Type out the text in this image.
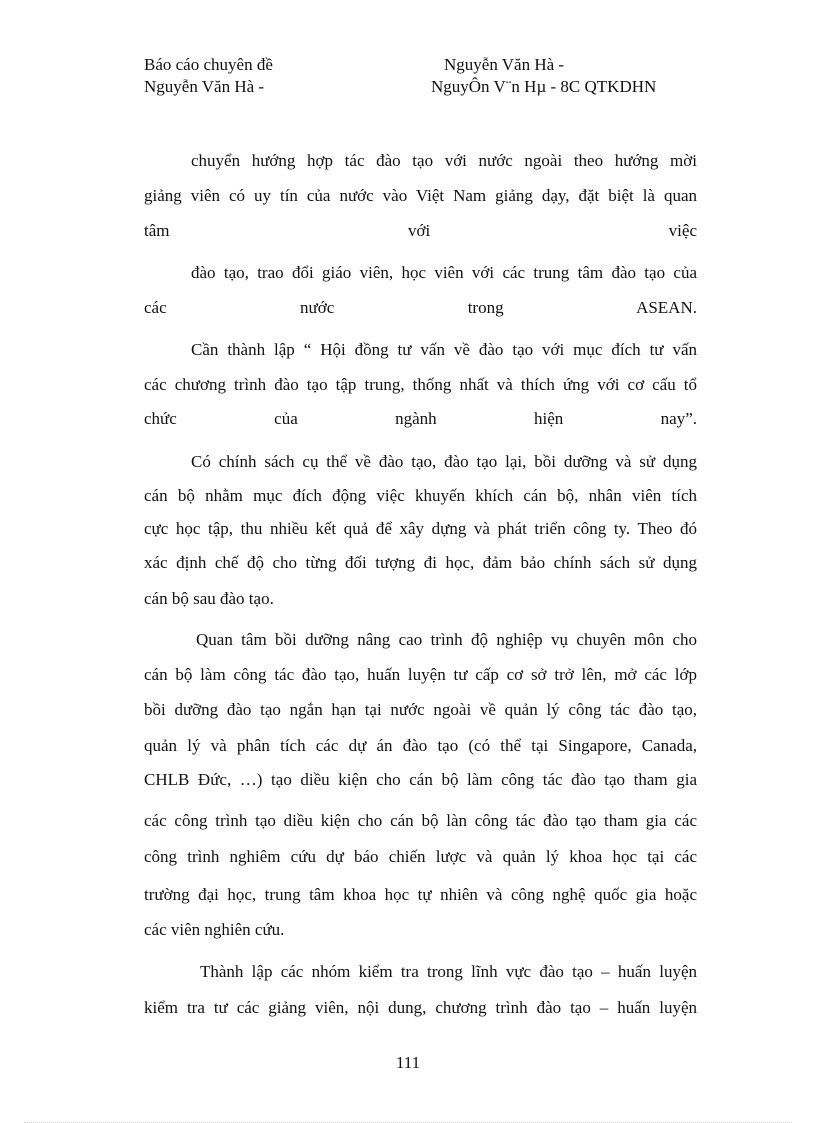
Báo cáo chuyên đề	Nguyễn Văn Hà -
Nguyễn Văn Hà -	NguyÔn V¨n Hµ - 8C QTKDHN
chuyển hướng hợp tác đào tạo với nước ngoài theo hướng mời
giảng viên có uy tín của nước vào Việt Nam giảng dạy, đặt biệt là quan
tâm với việc
đào tạo, trao đổi giáo viên, học viên với các trung tâm đào tạo của
các nước trong ASEAN.
Cần thành lập “ Hội đồng tư vấn về đào tạo với mục đích tư vấn
các chương trình đào tạo tập trung, thống nhất và thích ứng với cơ cấu tổ
chức của ngành hiện nay”.
Có chính sách cụ thể về đào tạo, đào tạo lại, bồi dưỡng và sử dụng
cán bộ nhằm mục đích động việc khuyến khích cán bộ, nhân viên tích
cực học tập, thu nhiều kết quả để xây dựng và phát triển công ty. Theo đó
xác định chế độ cho từng đối tượng đi học, đảm bảo chính sách sử dụng
cán bộ sau đào tạo.
Quan tâm bồi dưỡng nâng cao trình độ nghiệp vụ chuyên môn cho
cán bộ làm công tác đào tạo, huấn luyện tư cấp cơ sở trở lên, mở các lớp
bồi dưỡng đào tạo ngắn hạn tại nước ngoài về quản lý công tác đào tạo,
quản lý và phân tích các dự án đào tạo (có thể tại Singapore, Canada,
CHLB Đức, …) tạo diều kiện cho cán bộ làm công tác đào tạo tham gia
các công trình tạo diều kiện cho cán bộ làn công tác đào tạo tham gia các
công trình nghiêm cứu dự báo chiến lược và quản lý khoa học tại các
trường đại học, trung tâm khoa học tự nhiên và công nghệ quốc gia hoặc
các viên nghiên cứu.
Thành lập các nhóm kiểm tra trong lĩnh vực đào tạo – huấn luyện
kiểm tra tư các giảng viên, nội dung, chương trình đào tạo – huấn luyện
111
